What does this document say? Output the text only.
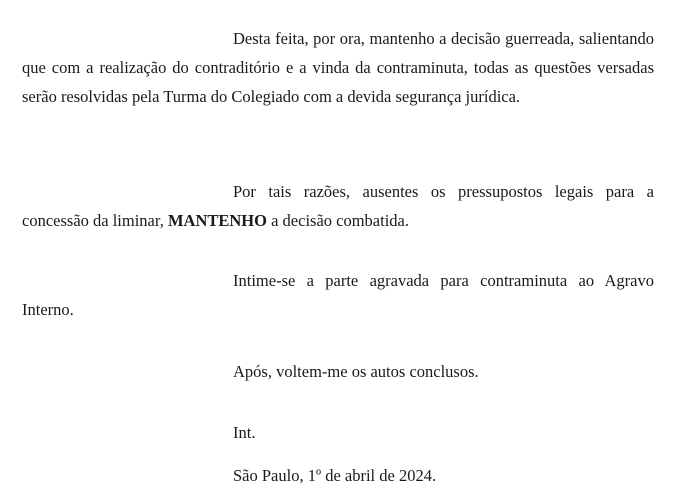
Desta feita, por ora, mantenho a decisão guerreada, salientando que com a realização do contraditório e a vinda da contraminuta, todas as questões versadas serão resolvidas pela Turma do Colegiado com a devida segurança jurídica.

Por tais razões, ausentes os pressupostos legais para a concessão da liminar, MANTENHO a decisão combatida.

Intime-se a parte agravada para contraminuta ao Agravo Interno.

Após, voltem-me os autos conclusos.

Int.

São Paulo, 1º de abril de 2024.
